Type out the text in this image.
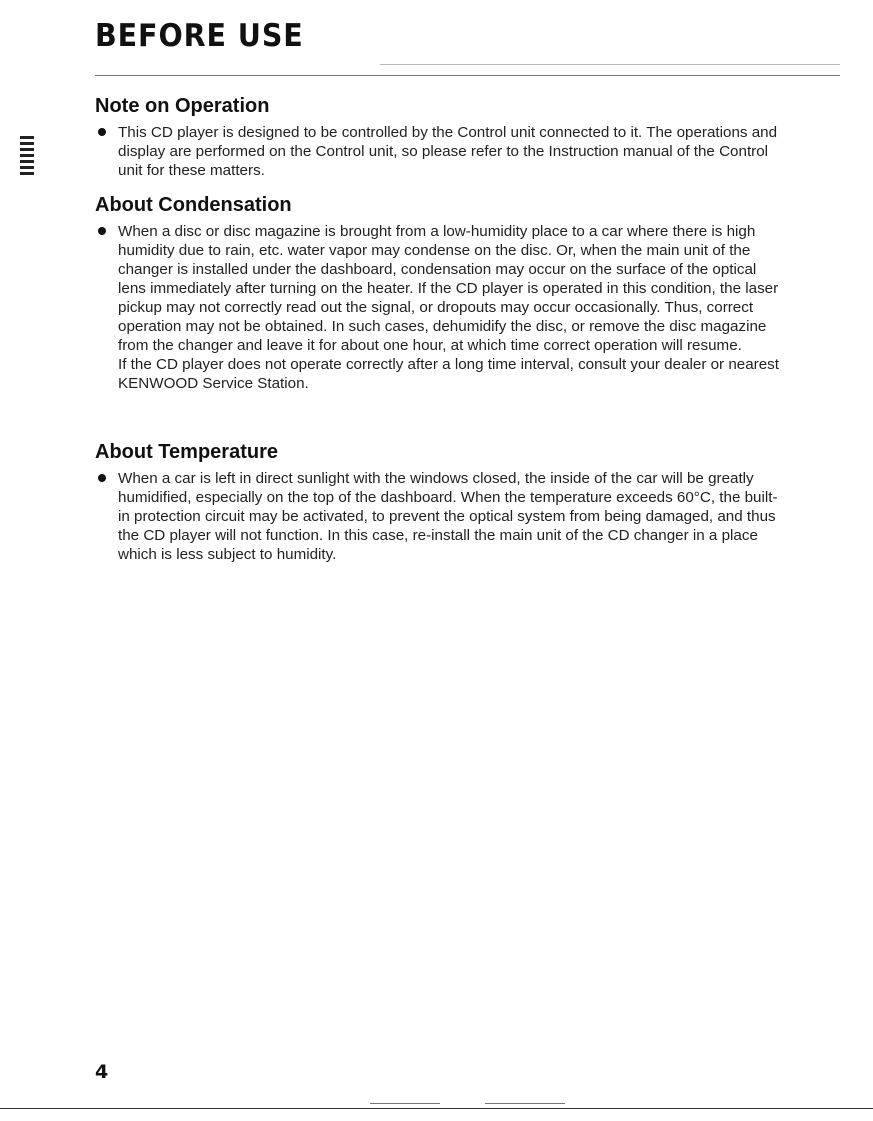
BEFORE USE
Note on Operation

This CD player is designed to be controlled by the Control unit connected to it. The operations and display are performed on the Control unit, so please refer to the Instruction manual of the Control unit for these matters.

About Condensation

When a disc or disc magazine is brought from a low-humidity place to a car where there is high humidity due to rain, etc. water vapor may condense on the disc. Or, when the main unit of the changer is installed under the dashboard, condensation may occur on the surface of the optical lens immediately after turning on the heater. If the CD player is operated in this condition, the laser pickup may not correctly read out the signal, or dropouts may occur occasionally. Thus, correct operation may not be obtained. In such cases, dehumidify the disc, or remove the disc magazine from the changer and leave it for about one hour, at which time correct operation will resume.

If the CD player does not operate correctly after a long time interval, consult your dealer or nearest KENWOOD Service Station.

About Temperature

When a car is left in direct sunlight with the windows closed, the inside of the car will be greatly humidified, especially on the top of the dashboard. When the temperature exceeds 60°C, the built-in protection circuit may be activated, to prevent the optical system from being damaged, and thus the CD player will not function. In this case, re-install the main unit of the CD changer in a place which is less subject to humidity.

4
